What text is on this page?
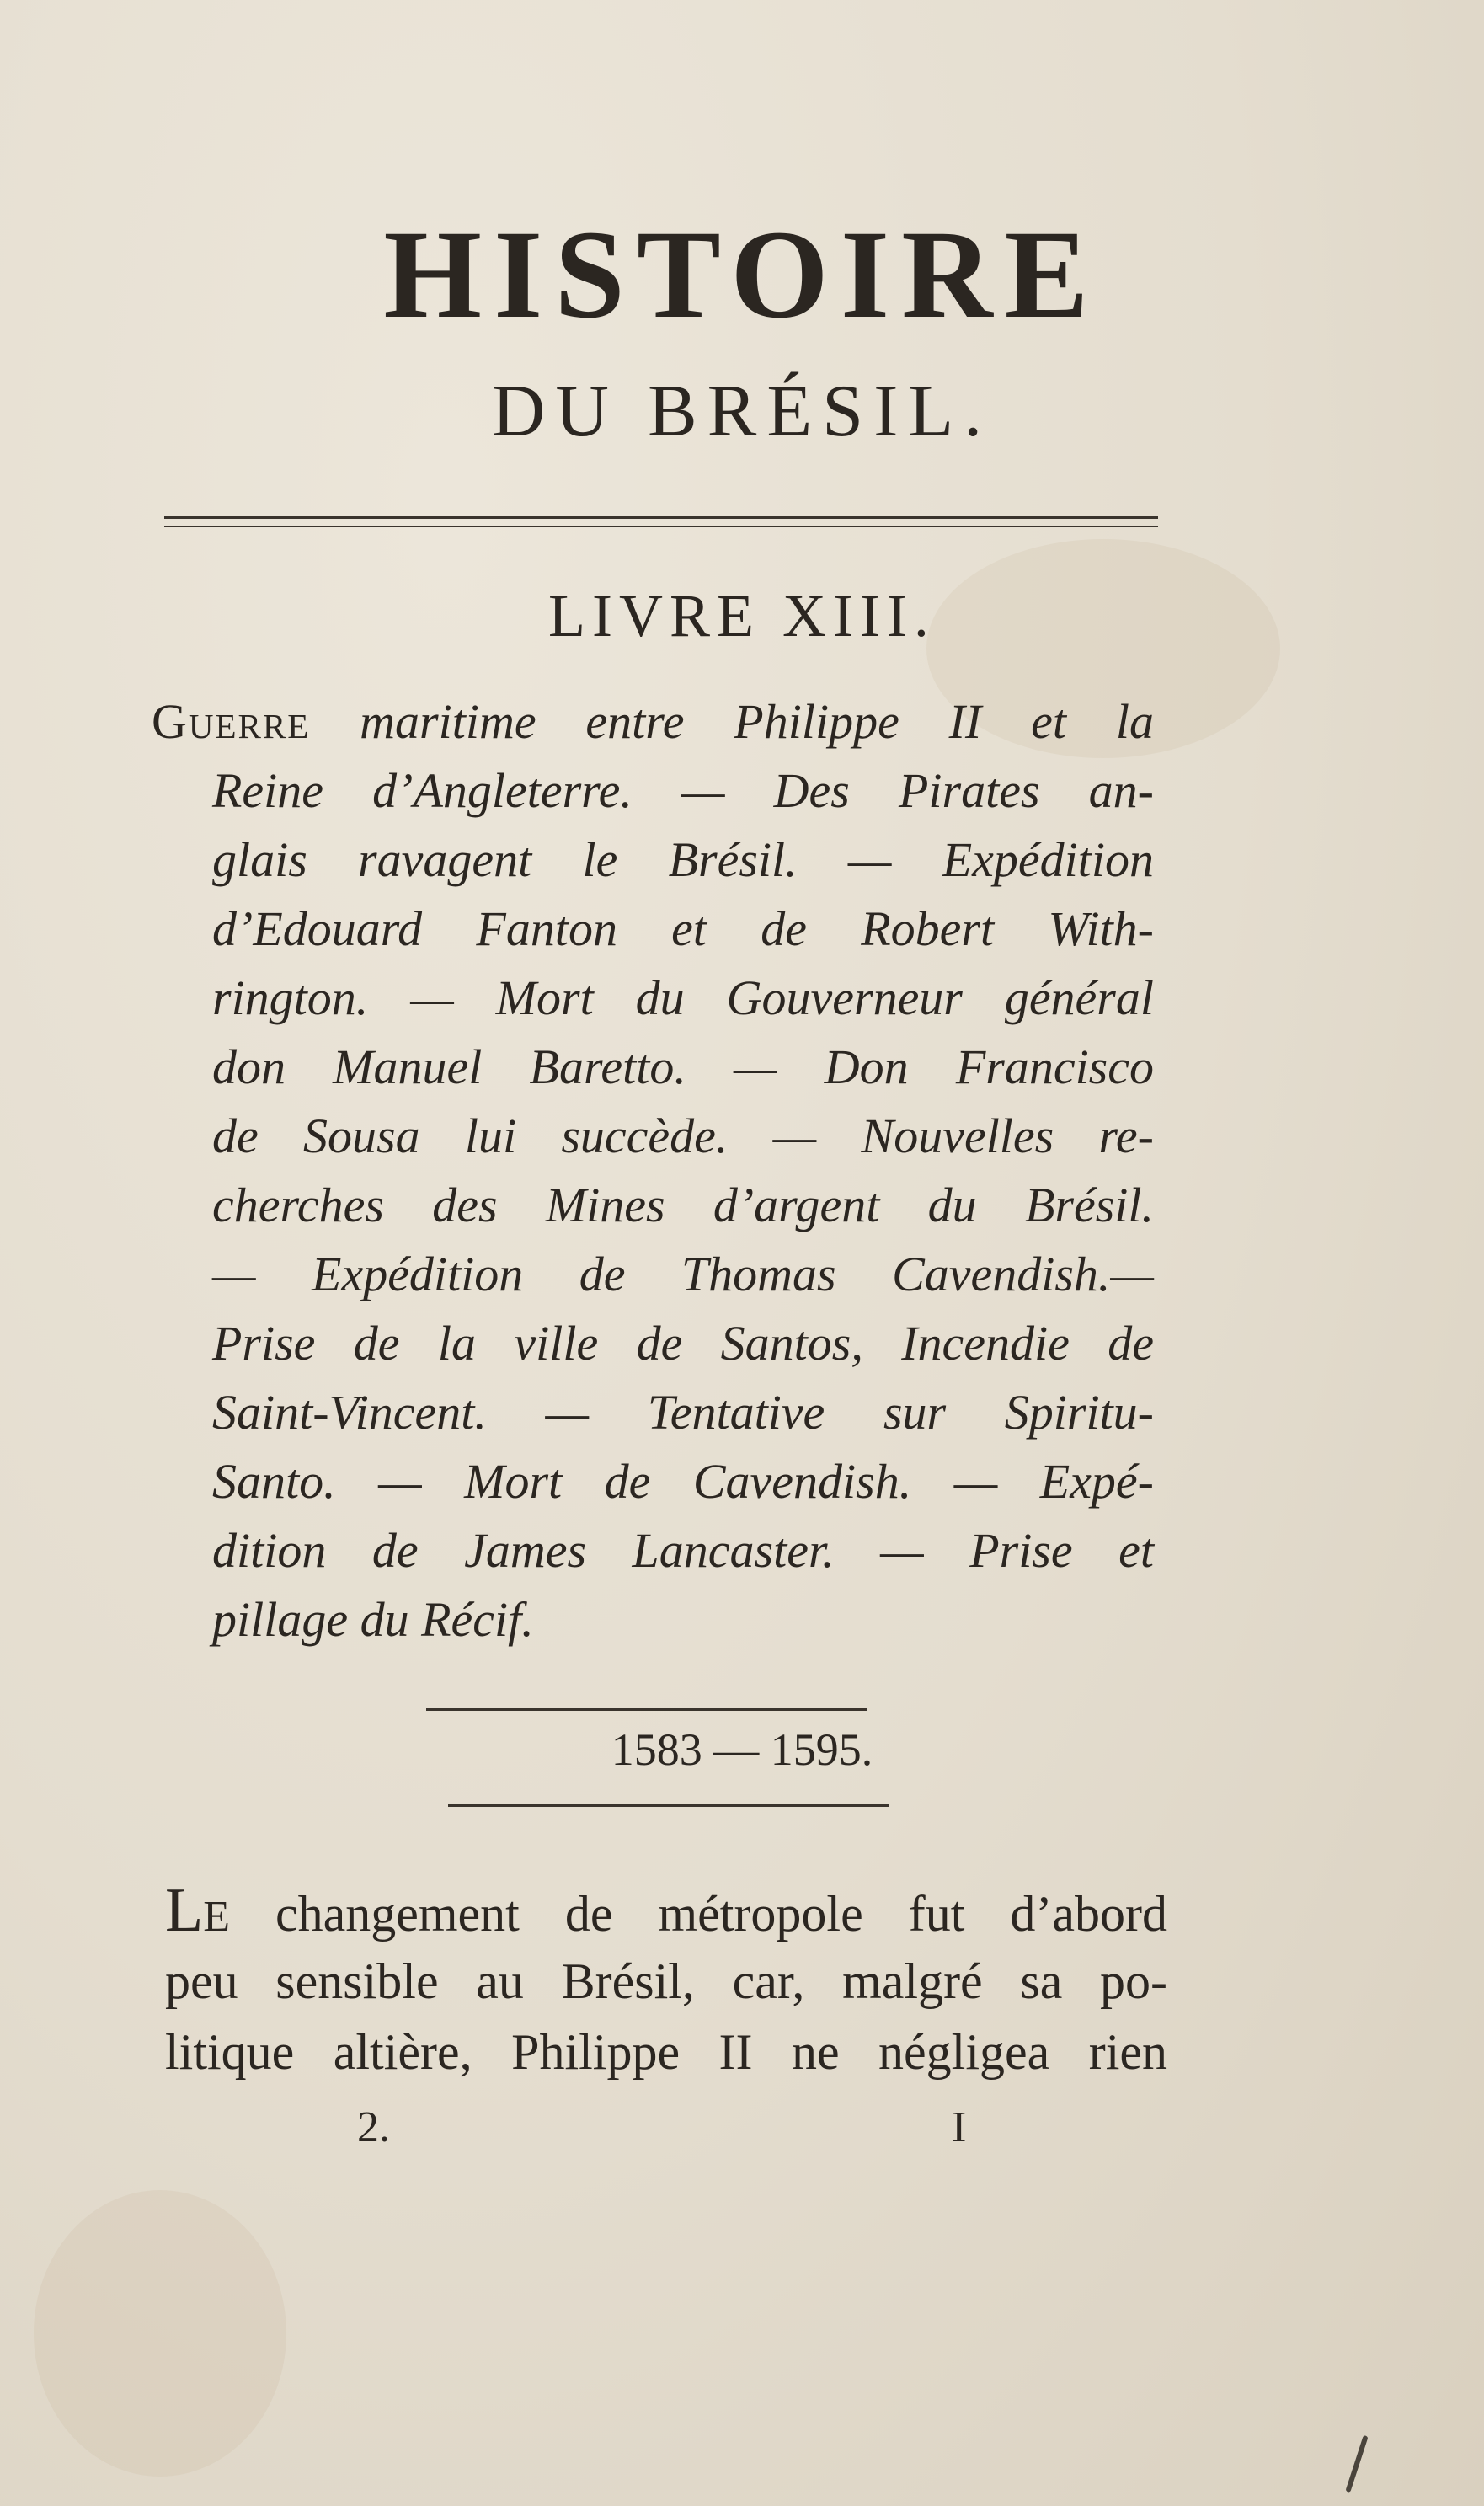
HISTOIRE
DU BRÉSIL.
LIVRE XIII.
Guerre maritime entre Philippe II et la
Reine d’Angleterre. — Des Pirates an-
glais ravagent le Brésil. — Expédition
d’Edouard Fanton et de Robert With-
rington. — Mort du Gouverneur général
don Manuel Baretto. — Don Francisco
de Sousa lui succède. — Nouvelles re-
cherches des Mines d’argent du Brésil.
— Expédition de Thomas Cavendish.—
Prise de la ville de Santos, Incendie de
Saint-Vincent. — Tentative sur Spiritu-
Santo. — Mort de Cavendish. — Expé-
dition de James Lancaster. — Prise et
pillage du Récif.
1583 — 1595.
Le changement de métropole fut d’abord
peu sensible au Brésil, car, malgré sa po-
litique altière, Philippe II ne négligea rien
2.	I
